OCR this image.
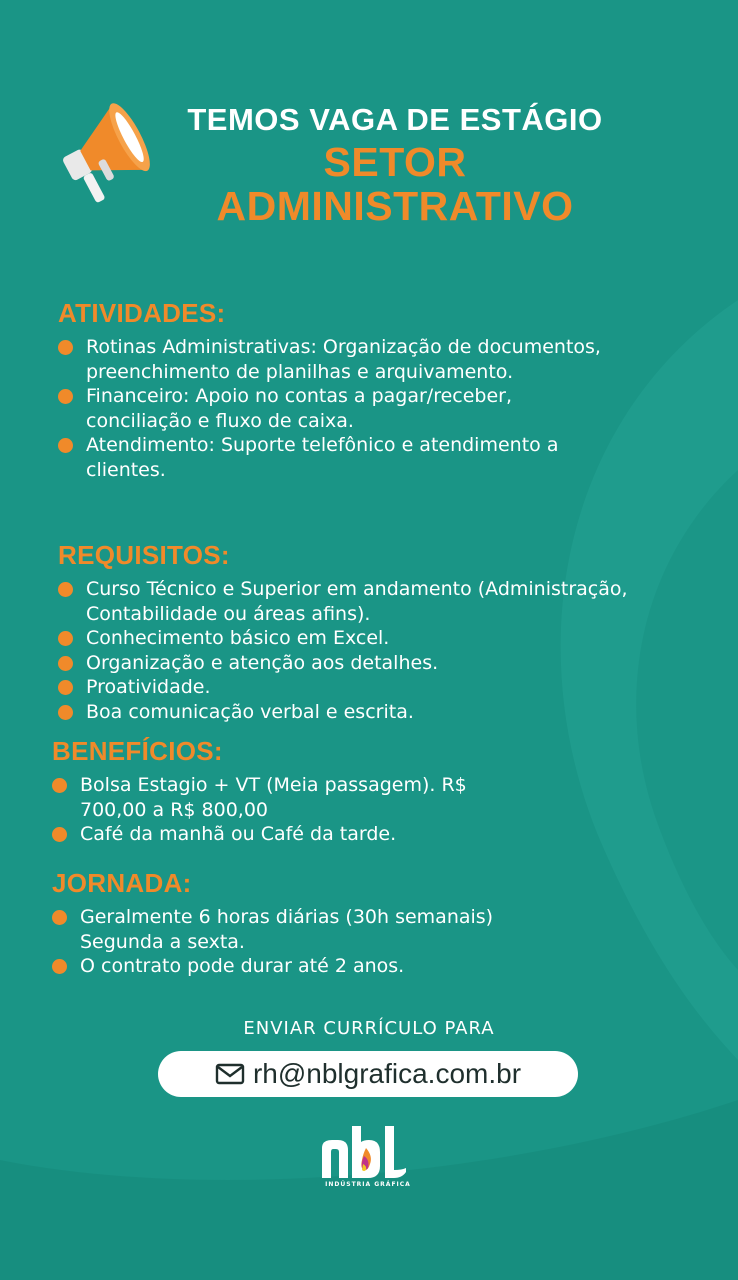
TEMOS VAGA DE ESTÁGIO
SETOR
ADMINISTRATIVO
ATIVIDADES:
Rotinas Administrativas: Organização de documentos, preenchimento de planilhas e arquivamento.
Financeiro: Apoio no contas a pagar/receber, conciliação e fluxo de caixa.
Atendimento: Suporte telefônico e atendimento a clientes.
REQUISITOS:
Curso Técnico e Superior em andamento (Administração, Contabilidade ou áreas afins).
Conhecimento básico em Excel.
Organização e atenção aos detalhes.
Proatividade.
Boa comunicação verbal e escrita.
BENEFÍCIOS:
Bolsa Estagio + VT (Meia passagem). R$ 700,00 a R$ 800,00
Café da manhã ou Café da tarde.
JORNADA:
Geralmente 6 horas diárias (30h semanais) Segunda a sexta.
O contrato pode durar até 2 anos.
ENVIAR CURRÍCULO PARA
rh@nblgrafica.com.br
INDÚSTRIA GRÁFICA
